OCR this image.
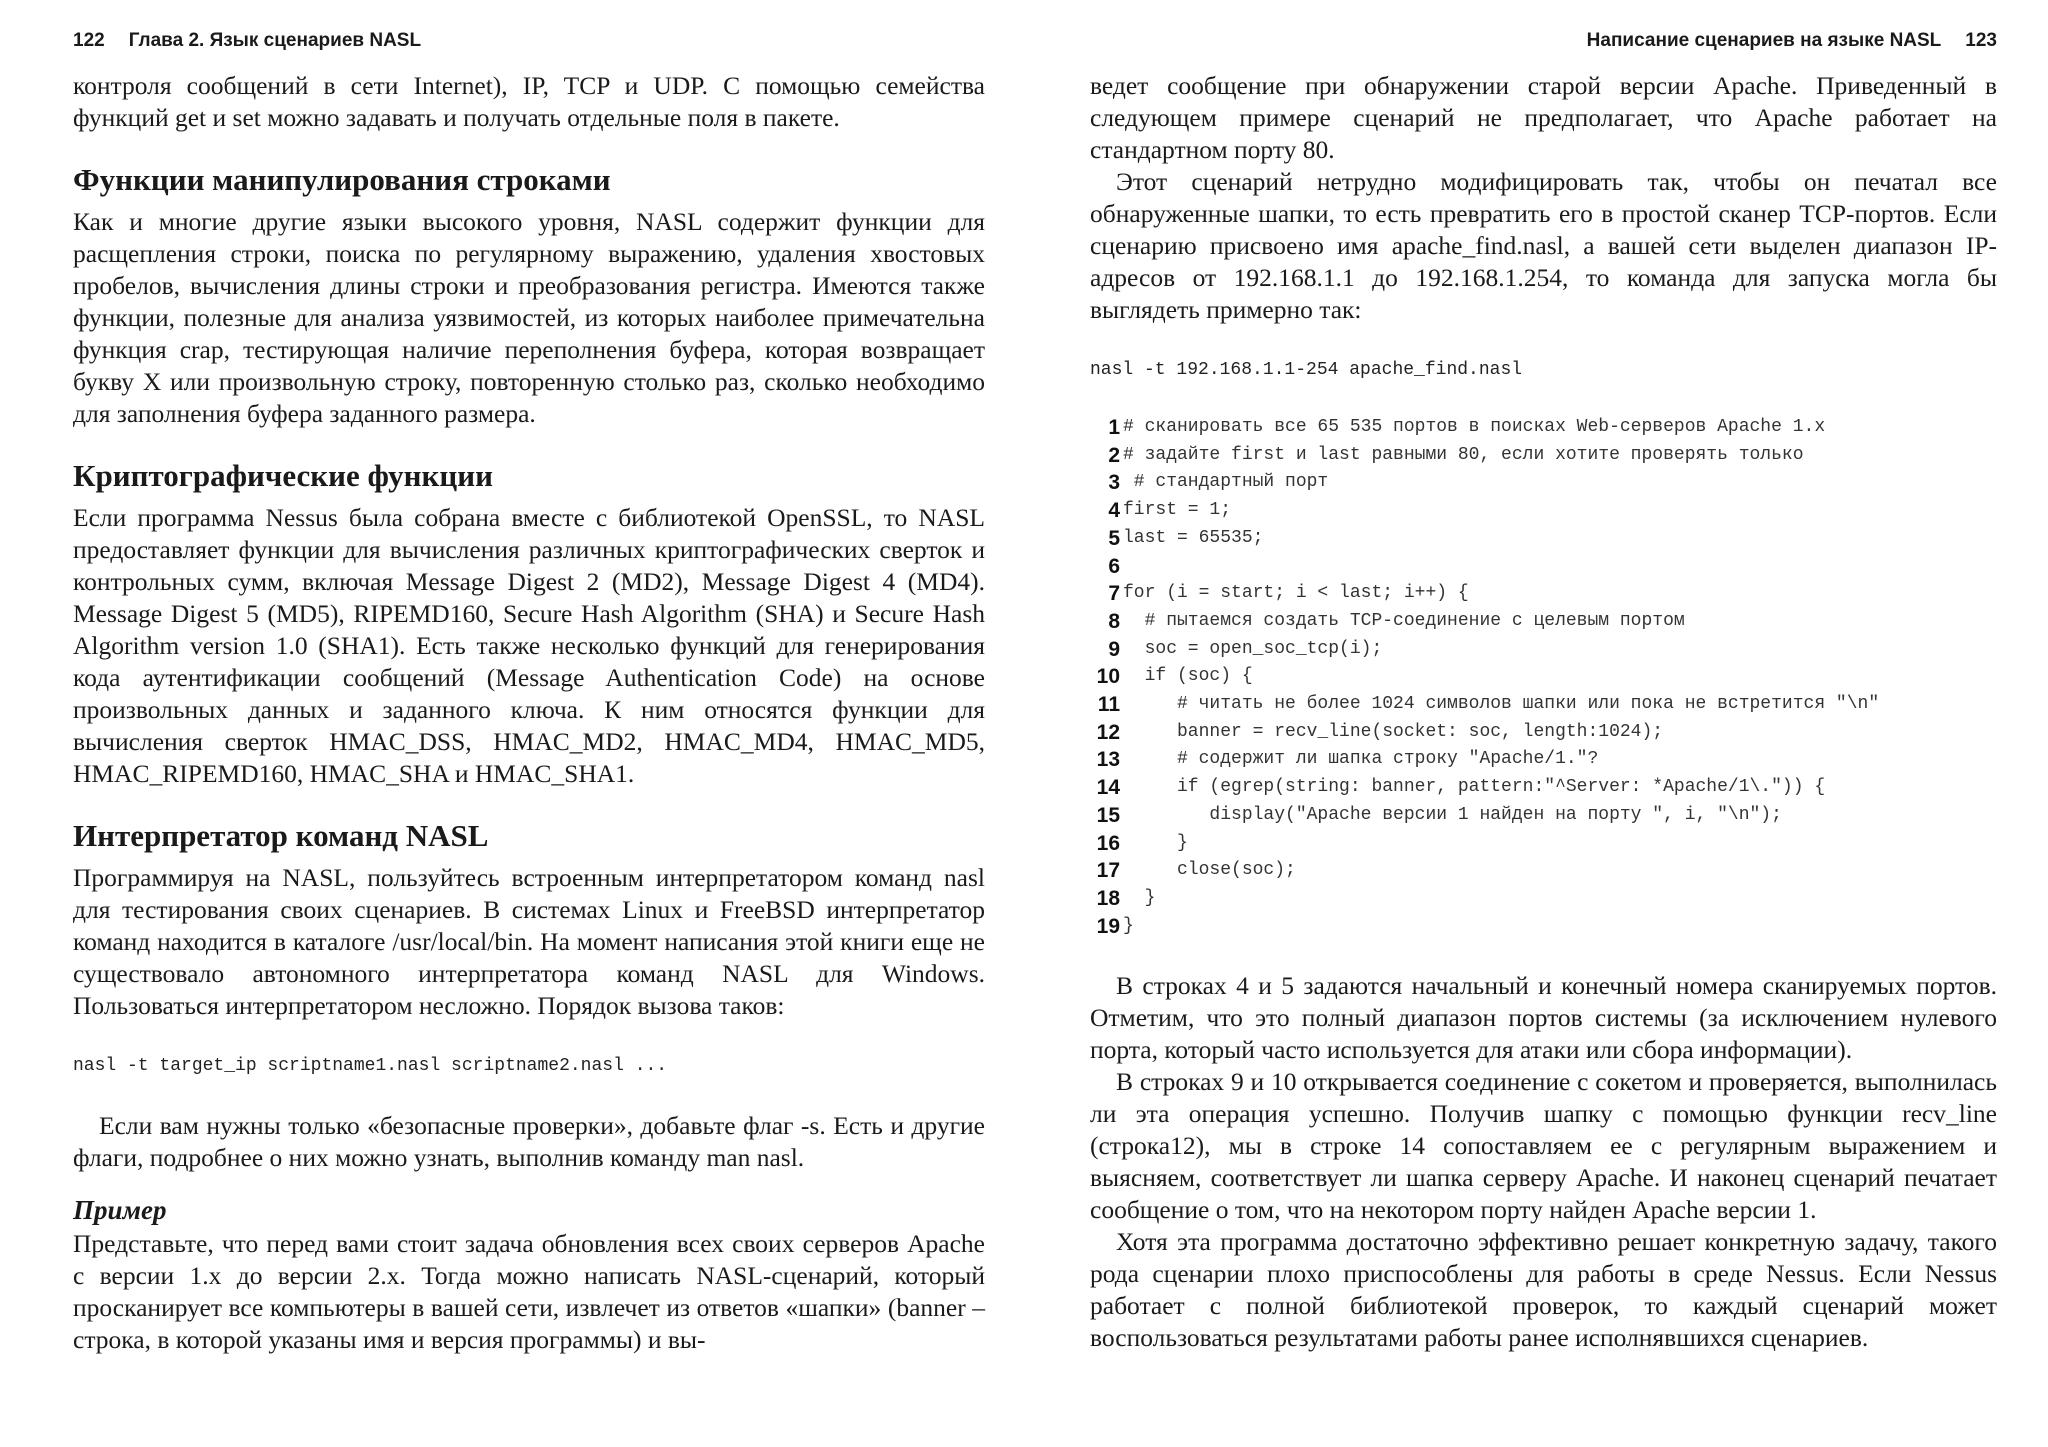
122 Глава 2. Язык сценариев NASL

контроля сообщений в сети Internet), IP, TCP и UDP. С помощью семейства функций get и set можно задавать и получать отдельные поля в пакете.

Функции манипулирования строками

Как и многие другие языки высокого уровня, NASL содержит функции для расщепления строки, поиска по регулярному выражению, удаления хвостовых пробелов, вычисления длины строки и преобразования регистра. Имеются также функции, полезные для анализа уязвимостей, из которых наиболее примечательна функция crap, тестирующая наличие переполнения буфера, которая возвращает букву X или произвольную строку, повторенную столько раз, сколько необходимо для заполнения буфера заданного размера.

Криптографические функции

Если программа Nessus была собрана вместе с библиотекой OpenSSL, то NASL предоставляет функции для вычисления различных криптографических сверток и контрольных сумм, включая Message Digest 2 (MD2), Message Digest 4 (MD4). Message Digest 5 (MD5), RIPEMD160, Secure Hash Algorithm (SHA) и Secure Hash Algorithm version 1.0 (SHA1). Есть также несколько функций для генерирования кода аутентификации сообщений (Message Authentication Code) на основе произвольных данных и заданного ключа. К ним относятся функции для вычисления сверток HMAC_DSS, HMAC_MD2, HMAC_MD4, HMAC_MD5, HMAC_RIPEMD160, HMAC_SHA и HMAC_SHA1.

Интерпретатор команд NASL

Программируя на NASL, пользуйтесь встроенным интерпретатором команд nasl для тестирования своих сценариев. В системах Linux и FreeBSD интерпретатор команд находится в каталоге /usr/local/bin. На момент написания этой книги еще не существовало автономного интерпретатора команд NASL для Windows. Пользоваться интерпретатором несложно. Порядок вызова таков:

nasl -t target_ip scriptname1.nasl scriptname2.nasl ...

Если вам нужны только «безопасные проверки», добавьте флаг -s. Есть и другие флаги, подробнее о них можно узнать, выполнив команду man nasl.

Пример

Представьте, что перед вами стоит задача обновления всех своих серверов Apache с версии 1.x до версии 2.x. Тогда можно написать NASL-сценарий, который просканирует все компьютеры в вашей сети, извлечет из ответов «шапки» (banner – строка, в которой указаны имя и версия программы) и вы-

Написание сценариев на языке NASL 123

ведет сообщение при обнаружении старой версии Apache. Приведенный в следующем примере сценарий не предполагает, что Apache работает на стандартном порту 80.

Этот сценарий нетрудно модифицировать так, чтобы он печатал все обнаруженные шапки, то есть превратить его в простой сканер TCP-портов. Если сценарию присвоено имя apache_find.nasl, а вашей сети выделен диапазон IP-адресов от 192.168.1.1 до 192.168.1.254, то команда для запуска могла бы выглядеть примерно так:

nasl -t 192.168.1.1-254 apache_find.nasl
1 # сканировать все 65 535 портов в поисках Web-серверов Apache 1.x
2 # задайте first и last равными 80, если хотите проверять только
3 # стандартный порт
4 first = 1;
5 last = 65535;
6
7 for (i = start; i < last; i++) {
8 # пытаемся создать TCP-соединение с целевым портом
9 soc = open_soc_tcp(i);
10 if (soc) {
11 # читать не более 1024 символов шапки или пока не встретится "\n"
12 banner = recv_line(socket: soc, length:1024);
13 # содержит ли шапка строку "Apache/1."?
14 if (egrep(string: banner, pattern:"^Server: *Apache/1\.")) {
15 display("Apache версии 1 найден на порту ", i, "\n");
16 }
17 close(soc);
18 }
19 }

В строках 4 и 5 задаются начальный и конечный номера сканируемых портов. Отметим, что это полный диапазон портов системы (за исключением нулевого порта, который часто используется для атаки или сбора информации).

В строках 9 и 10 открывается соединение с сокетом и проверяется, выполнилась ли эта операция успешно. Получив шапку с помощью функции recv_line (строка12), мы в строке 14 сопоставляем ее с регулярным выражением и выясняем, соответствует ли шапка серверу Apache. И наконец сценарий печатает сообщение о том, что на некотором порту найден Apache версии 1.

Хотя эта программа достаточно эффективно решает конкретную задачу, такого рода сценарии плохо приспособлены для работы в среде Nessus. Если Nessus работает с полной библиотекой проверок, то каждый сценарий может воспользоваться результатами работы ранее исполнявшихся сценариев.
